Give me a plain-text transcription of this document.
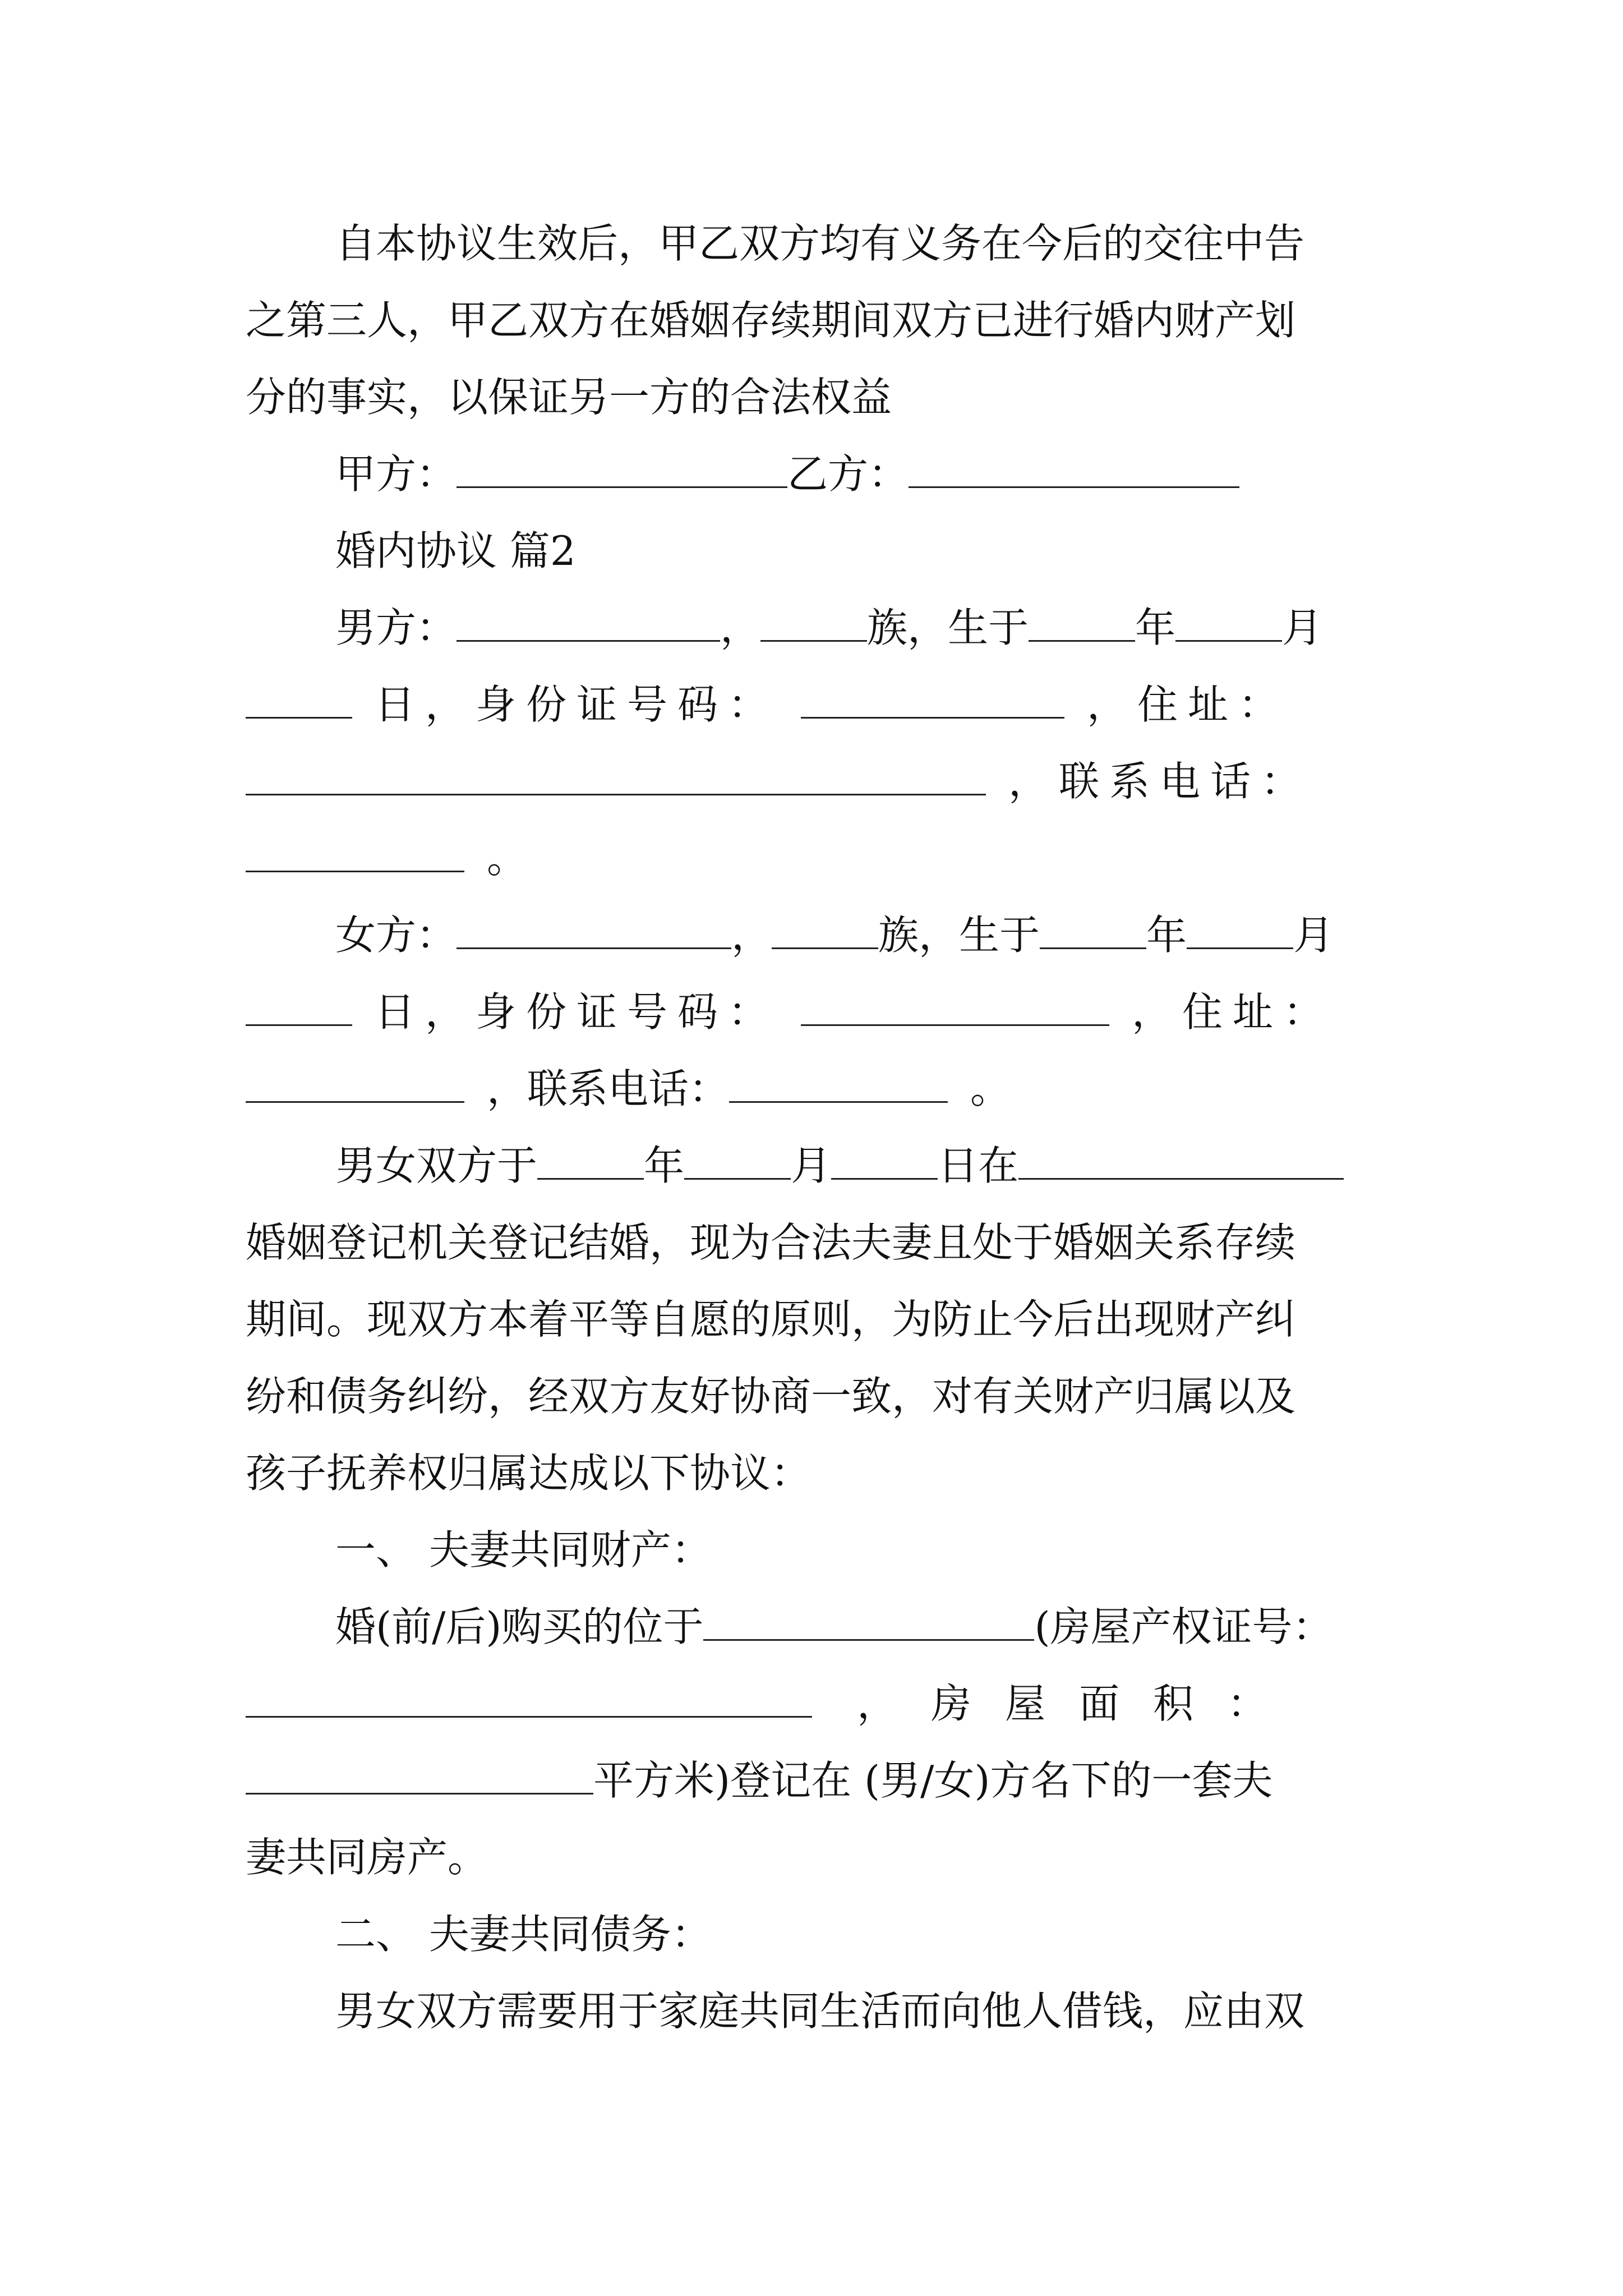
自本协议生效后，甲乙双方均有义务在今后的交往中告

之第三人，甲乙双方在婚姻存续期间双方已进行婚内财产划

分的事实，以保证另一方的合法权益

甲方：	乙方：

婚内协议 篇2

男方：	，	族，生于	年	月

日，身份证号码：	，住址：

，联系电话：

。

女方：	，	族，生于	年	月

日，身份证号码：	，住址：

，联系电话：	。

男女双方于	年	月	日在

婚姻登记机关登记结婚，现为合法夫妻且处于婚姻关系存续

期间。现双方本着平等自愿的原则，为防止今后出现财产纠

纷和债务纠纷，经双方友好协商一致，对有关财产归属以及

孩子抚养权归属达成以下协议：

一、 夫妻共同财产：

婚(前/后)购买的位于	(房屋产权证号：

，房屋面积：

平方米)登记在 (男/女)方名下的一套夫

妻共同房产。

二、 夫妻共同债务：

男女双方需要用于家庭共同生活而向他人借钱，应由双
